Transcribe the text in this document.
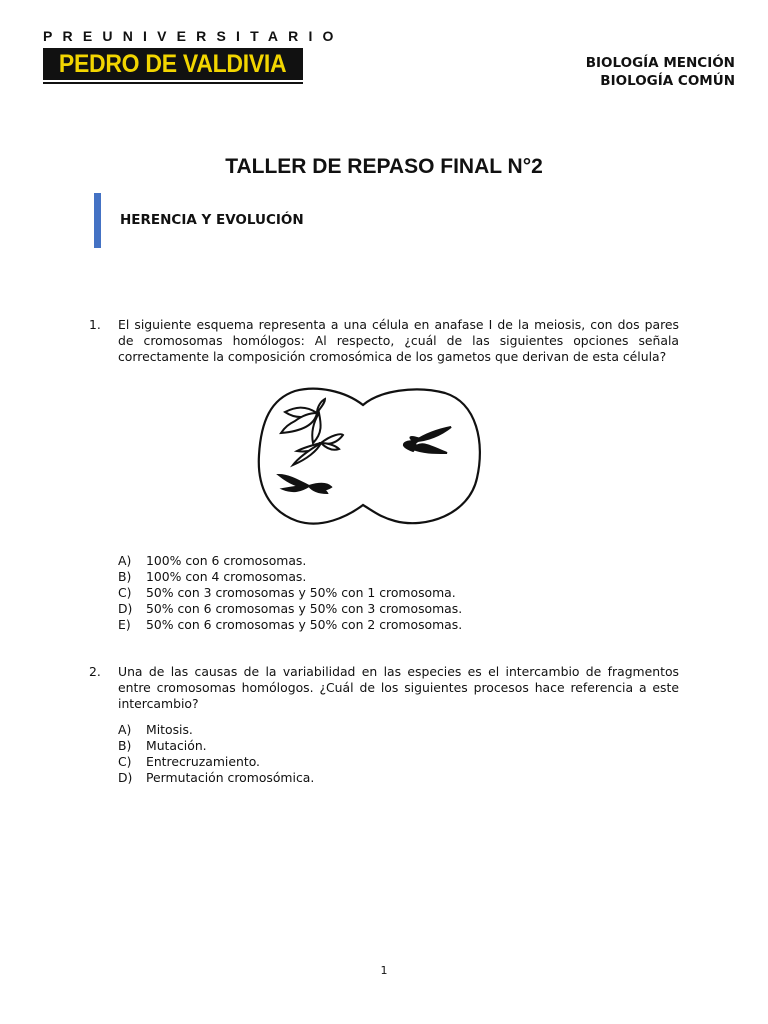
PREUNIVERSITARIO
PEDRO DE VALDIVIA	BIOLOGÍA MENCIÓN
BIOLOGÍA COMÚN
TALLER DE REPASO FINAL N°2
HERENCIA Y EVOLUCIÓN
1. El siguiente esquema representa a una célula en anafase I de la meiosis, con dos pares de cromosomas homólogos: Al respecto, ¿cuál de las siguientes opciones señala correctamente la composición cromosómica de los gametos que derivan de esta célula?
A)	100% con 6 cromosomas.
B)	100% con 4 cromosomas.
C)	50% con 3 cromosomas y 50% con 1 cromosoma.
D)	50% con 6 cromosomas y 50% con 3 cromosomas.
E)	50% con 6 cromosomas y 50% con 2 cromosomas.
2. Una de las causas de la variabilidad en las especies es el intercambio de fragmentos entre cromosomas homólogos. ¿Cuál de los siguientes procesos hace referencia a este intercambio?
A)	Mitosis.
B)	Mutación.
C)	Entrecruzamiento.
D)	Permutación cromosómica.
1
